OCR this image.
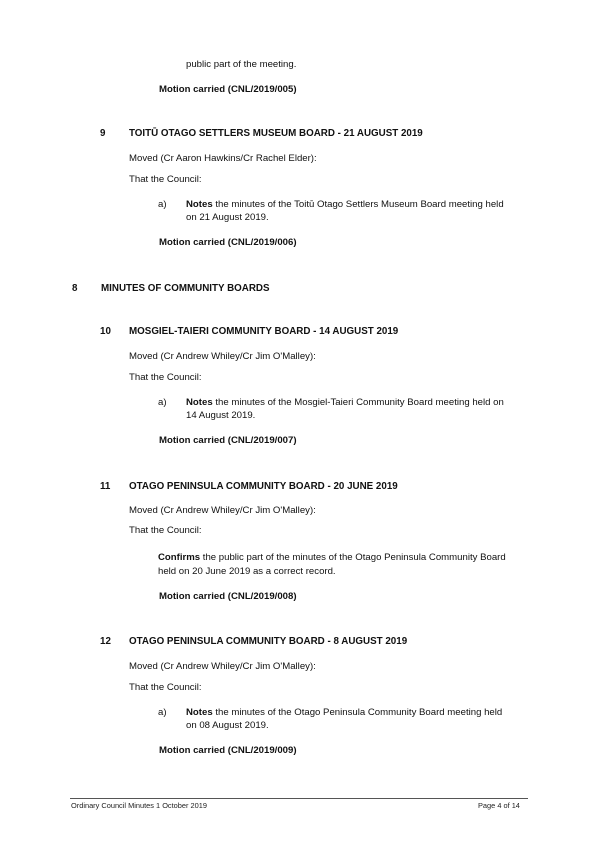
public part of the meeting.
Motion carried (CNL/2019/005)
9 TOITŪ OTAGO SETTLERS MUSEUM BOARD - 21 AUGUST 2019
Moved (Cr Aaron Hawkins/Cr Rachel Elder):
That the Council:
a) Notes the minutes of the Toitū Otago Settlers Museum Board meeting held
on 21 August 2019.
Motion carried (CNL/2019/006)
8 MINUTES OF COMMUNITY BOARDS
10 MOSGIEL-TAIERI COMMUNITY BOARD - 14 AUGUST 2019
Moved (Cr Andrew Whiley/Cr Jim O'Malley):
That the Council:
a) Notes the minutes of the Mosgiel-Taieri Community Board meeting held on
14 August 2019.
Motion carried (CNL/2019/007)
11 OTAGO PENINSULA COMMUNITY BOARD - 20 JUNE 2019
Moved (Cr Andrew Whiley/Cr Jim O'Malley):
That the Council:
Confirms the public part of the minutes of the Otago Peninsula Community Board
held on 20 June 2019 as a correct record.
Motion carried (CNL/2019/008)
12 OTAGO PENINSULA COMMUNITY BOARD - 8 AUGUST 2019
Moved (Cr Andrew Whiley/Cr Jim O'Malley):
That the Council:
a) Notes the minutes of the Otago Peninsula Community Board meeting held
on 08 August 2019.
Motion carried (CNL/2019/009)
Ordinary Council Minutes 1 October 2019	Page 4 of 14
